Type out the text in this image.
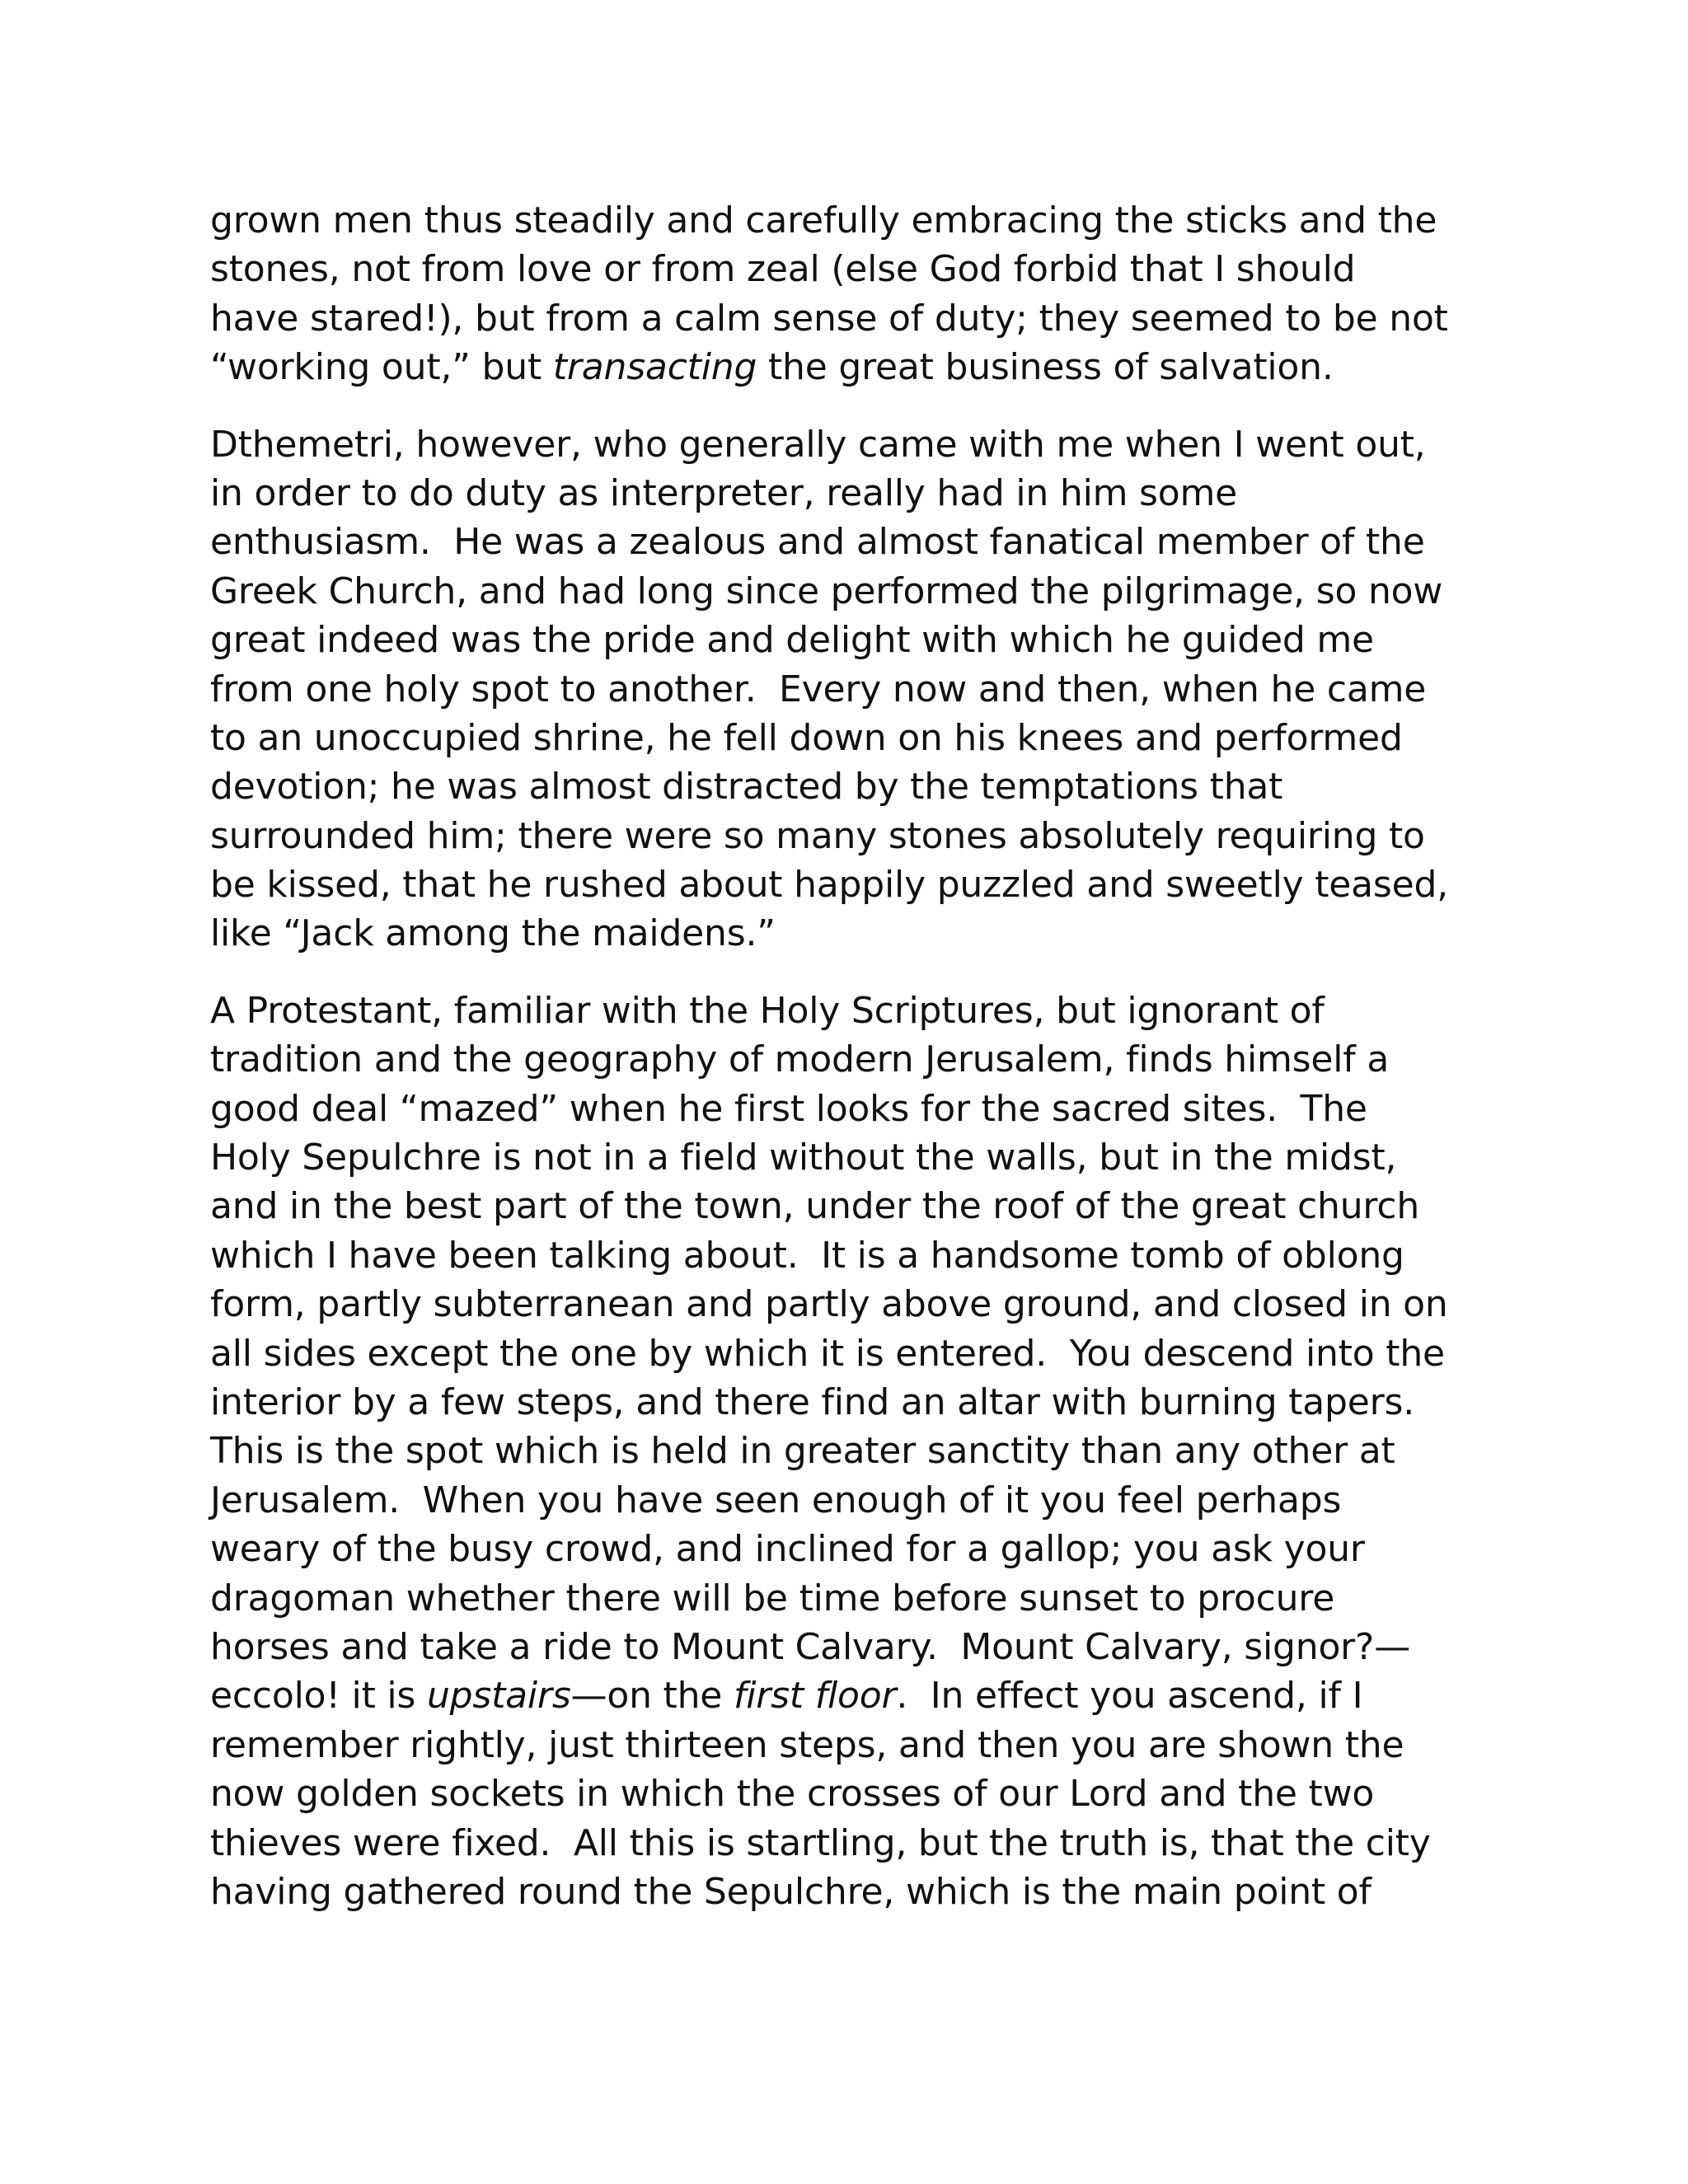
grown men thus steadily and carefully embracing the sticks and the
stones, not from love or from zeal (else God forbid that I should
have stared!), but from a calm sense of duty; they seemed to be not
“working out,” but transacting the great business of salvation.

Dthemetri, however, who generally came with me when I went out,
in order to do duty as interpreter, really had in him some
enthusiasm.  He was a zealous and almost fanatical member of the
Greek Church, and had long since performed the pilgrimage, so now
great indeed was the pride and delight with which he guided me
from one holy spot to another.  Every now and then, when he came
to an unoccupied shrine, he fell down on his knees and performed
devotion; he was almost distracted by the temptations that
surrounded him; there were so many stones absolutely requiring to
be kissed, that he rushed about happily puzzled and sweetly teased,
like “Jack among the maidens.”

A Protestant, familiar with the Holy Scriptures, but ignorant of
tradition and the geography of modern Jerusalem, finds himself a
good deal “mazed” when he first looks for the sacred sites.  The
Holy Sepulchre is not in a field without the walls, but in the midst,
and in the best part of the town, under the roof of the great church
which I have been talking about.  It is a handsome tomb of oblong
form, partly subterranean and partly above ground, and closed in on
all sides except the one by which it is entered.  You descend into the
interior by a few steps, and there find an altar with burning tapers.
This is the spot which is held in greater sanctity than any other at
Jerusalem.  When you have seen enough of it you feel perhaps
weary of the busy crowd, and inclined for a gallop; you ask your
dragoman whether there will be time before sunset to procure
horses and take a ride to Mount Calvary.  Mount Calvary, signor?—
eccolo! it is upstairs—on the first floor.  In effect you ascend, if I
remember rightly, just thirteen steps, and then you are shown the
now golden sockets in which the crosses of our Lord and the two
thieves were fixed.  All this is startling, but the truth is, that the city
having gathered round the Sepulchre, which is the main point of
